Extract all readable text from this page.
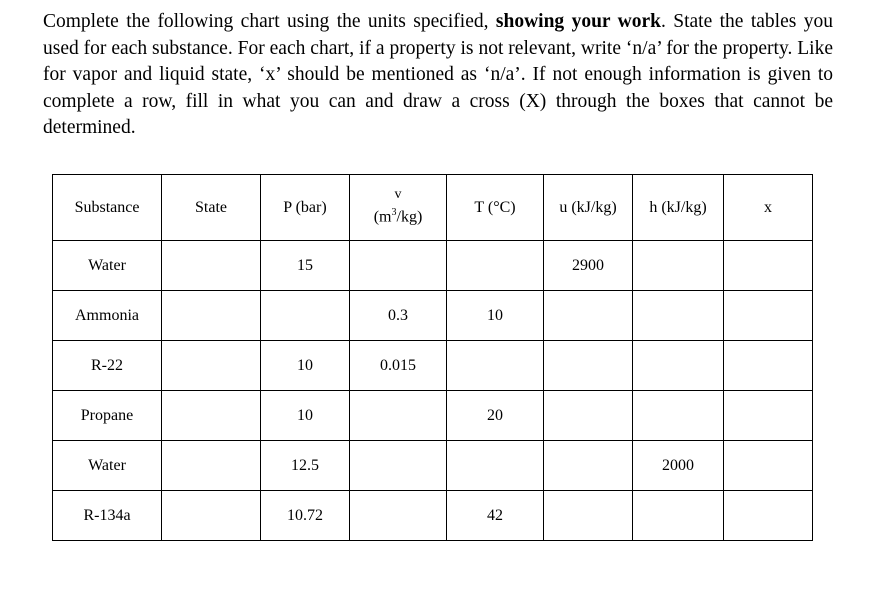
Complete the following chart using the units specified, showing your work. State the tables you used for each substance. For each chart, if a property is not relevant, write ‘n/a’ for the property. Like for vapor and liquid state, ‘x’ should be mentioned as ‘n/a’. If not enough information is given to complete a row, fill in what you can and draw a cross (X) through the boxes that cannot be determined.
Substance	State	P (bar)	v
$(m^3/kg)$	T (°C)	u (kJ/kg)	h (kJ/kg)	x
Water		15			2900		
Ammonia			0.3	10			
R-22		10	0.015				
Propane		10		20			
Water		12.5				2000	
R-134a		10.72		42			
